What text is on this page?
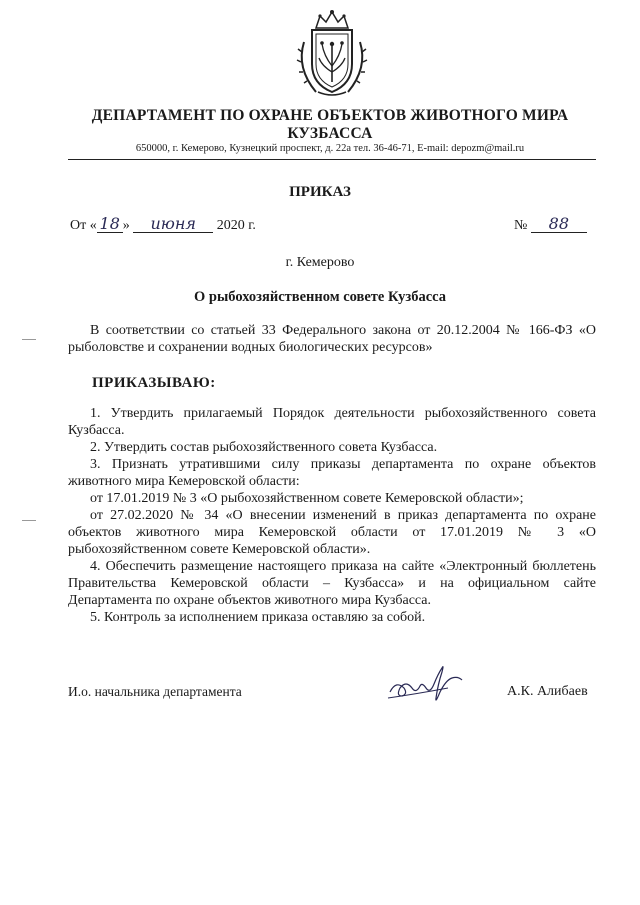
ДЕПАРТАМЕНТ ПО ОХРАНЕ ОБЪЕКТОВ ЖИВОТНОГО МИРА
КУЗБАССА
650000, г. Кемерово, Кузнецкий проспект, д. 22а тел. 36-46-71, E-mail: depozm@mail.ru
ПРИКАЗ
От « 18 » июня 2020 г.	№ 88
г. Кемерово
О рыбохозяйственном совете Кузбасса
В соответствии со статьей 33 Федерального закона от 20.12.2004 № 166-ФЗ «О рыболовстве и сохранении водных биологических ресурсов»
ПРИКАЗЫВАЮ:

1. Утвердить прилагаемый Порядок деятельности рыбохозяйственного совета Кузбасса.

2. Утвердить состав рыбохозяйственного совета Кузбасса.

3. Признать утратившими силу приказы департамента по охране объектов животного мира Кемеровской области:

от 17.01.2019 № 3 «О рыбохозяйственном совете Кемеровской области»;

от 27.02.2020 № 34 «О внесении изменений в приказ департамента по охране объектов животного мира Кемеровской области от 17.01.2019 № 3 «О рыбохозяйственном совете Кемеровской области».

4. Обеспечить размещение настоящего приказа на сайте «Электронный бюллетень Правительства Кемеровской области – Кузбасса» и на официальном сайте Департамента по охране объектов животного мира Кузбасса.

5. Контроль за исполнением приказа оставляю за собой.

И.о. начальника департамента	А.К. Алибаев
